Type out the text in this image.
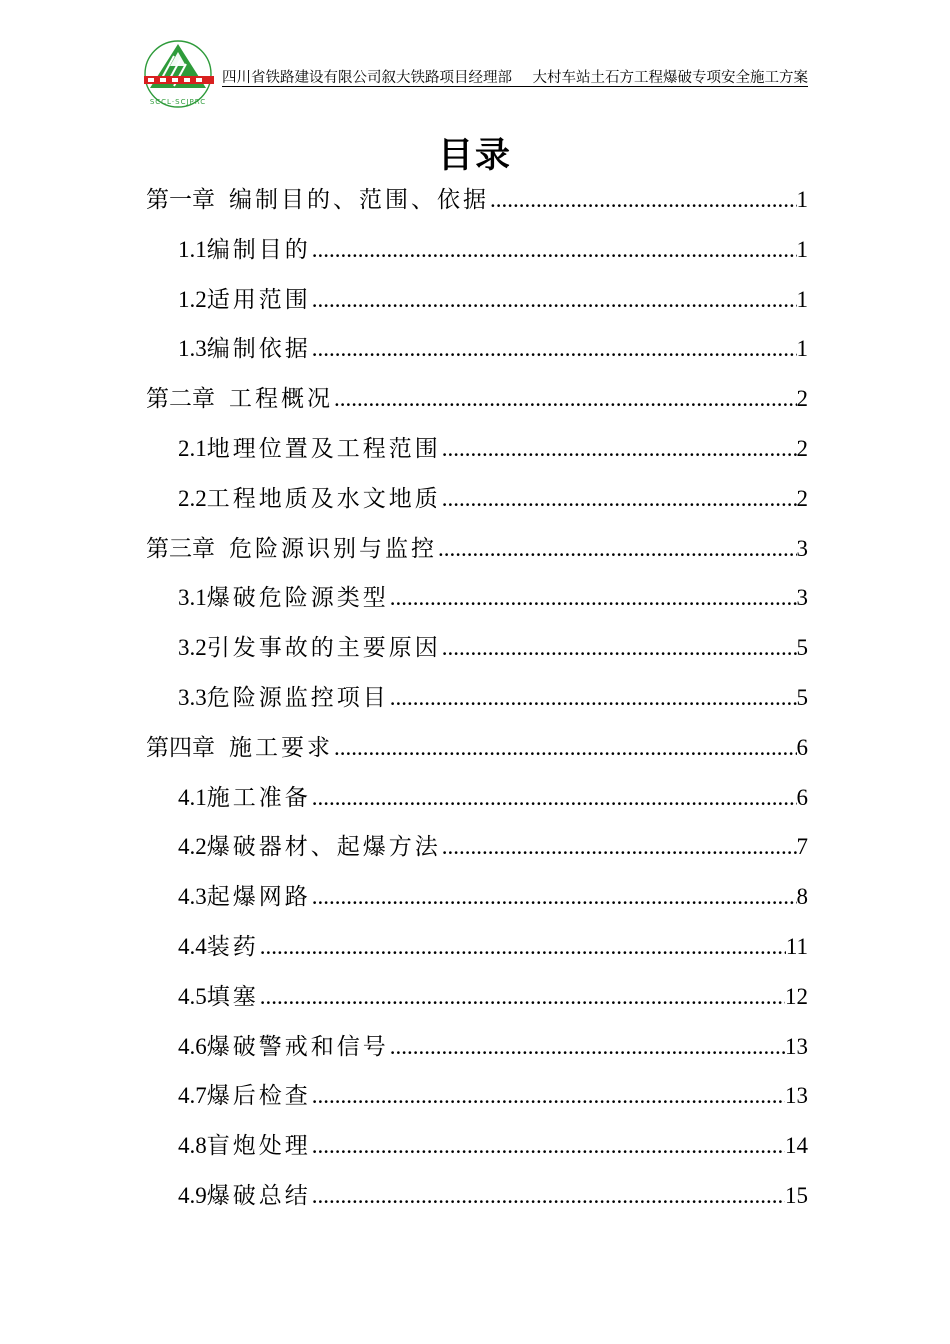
SCCL·SCJPRC
四川省铁路建设有限公司叙大铁路项目经理部 大村车站土石方工程爆破专项安全施工方案
目录
第一章 编制目的、范围、依据 .....	1
1.1编制目的 .....	1
1.2适用范围 .....	1
1.3编制依据 .....	1
第二章 工程概况 .....	2
2.1地理位置及工程范围 .....	2
2.2工程地质及水文地质 .....	2
第三章 危险源识别与监控 .....	3
3.1爆破危险源类型 .....	3
3.2引发事故的主要原因 .....	5
3.3危险源监控项目 .....	5
第四章 施工要求 .....	6
4.1施工准备 .....	6
4.2爆破器材、起爆方法 .....	7
4.3起爆网路 .....	8
4.4装药 .....	11
4.5填塞 .....	12
4.6爆破警戒和信号 .....	13
4.7爆后检查 .....	13
4.8盲炮处理 .....	14
4.9爆破总结 .....	15
